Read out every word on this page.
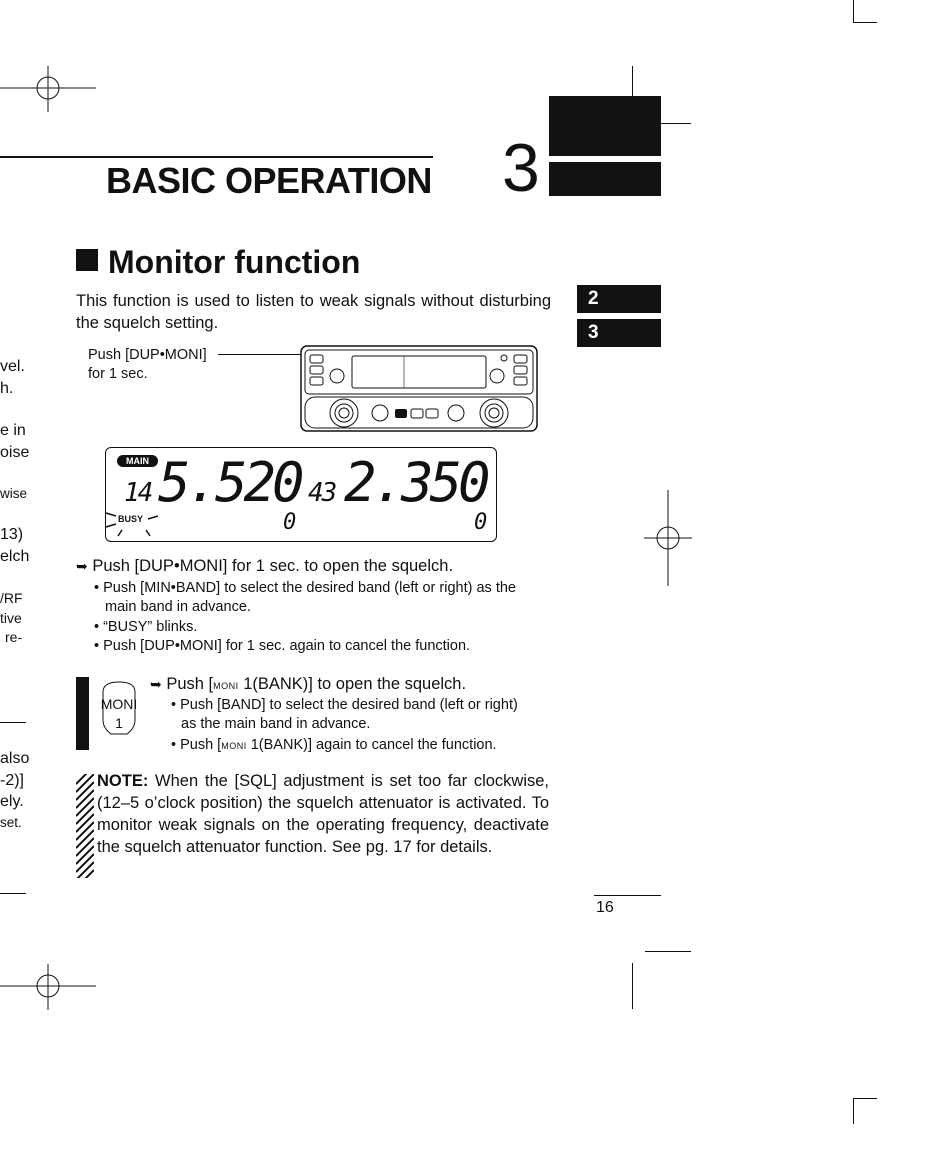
BASIC OPERATION 3
2
3
vel.
h.
e in
oise
wise
13)
elch
/RF
tive
re-
also
-2)]
ely.
set.
Monitor function
This function is used to listen to weak signals without disturbing the squelch setting.
Push [DUP•MONI]
for 1 sec.
MAIN
BUSY
14 5.520 43 2.350
0	0
➥ Push [DUP•MONI] for 1 sec. to open the squelch.
• Push [MIN•BAND] to select the desired band (left or right) as the
main band in advance.
• “BUSY” blinks.
• Push [DUP•MONI] for 1 sec. again to cancel the function.
MONI
1
➥ Push [moni 1(BANK)] to open the squelch.
• Push [BAND] to select the desired band (left or right)
as the main band in advance.
• Push [moni 1(BANK)] again to cancel the function.
NOTE: When the [SQL] adjustment is set too far clockwise, (12–5 o’clock position) the squelch attenuator is activated. To monitor weak signals on the operating frequency, deactivate the squelch attenuator function. See pg. 17 for details.
16
